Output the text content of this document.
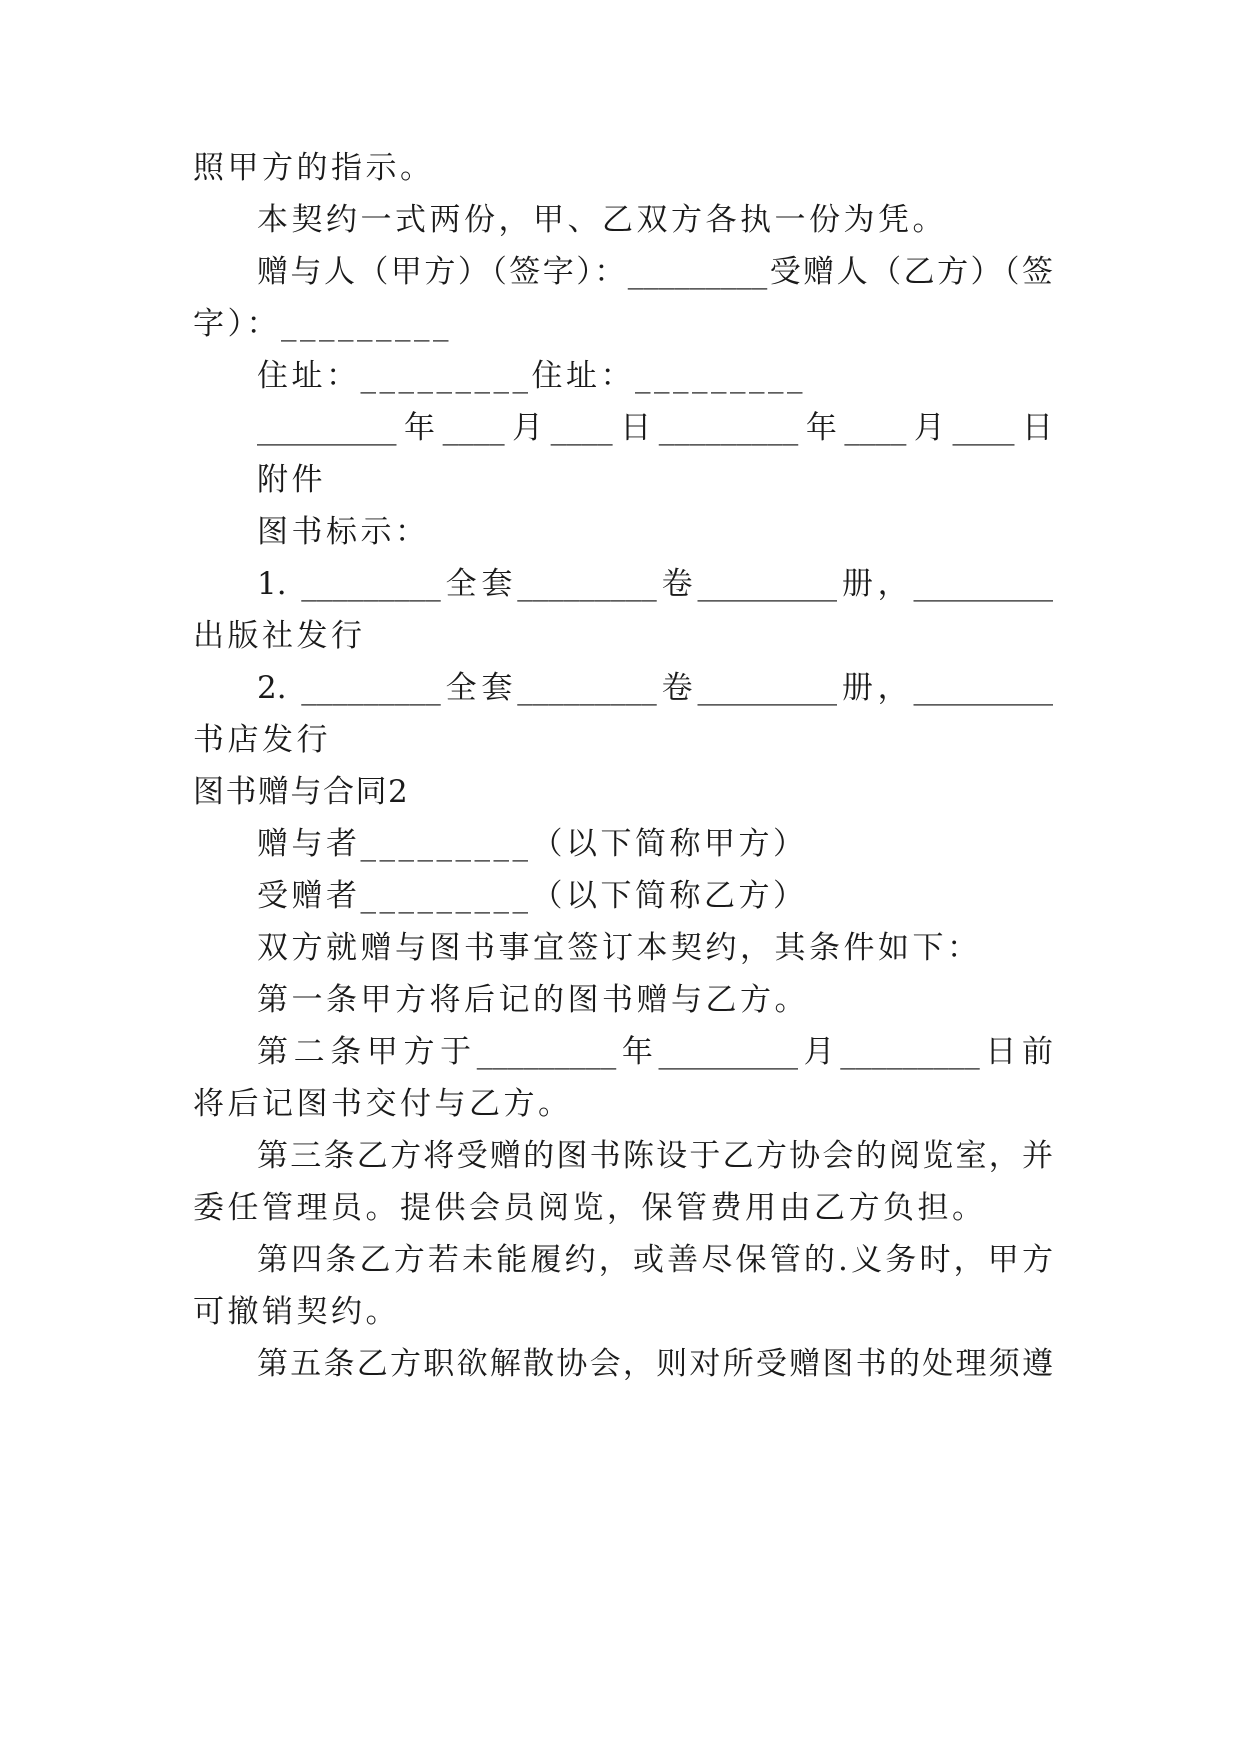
照甲方的指示。
本契约一式两份，甲、乙双方各执一份为凭。
赠与人（甲方）（签字）：_________受赠人（乙方）（签
字）：_________
住址：_________住址：_________
_________年____月____日_________年____月____日
附件
图书标示：
1. _________全套_________卷_________册，_________
出版社发行
2. _________全套_________卷_________册，_________
书店发行
图书赠与合同2
赠与者_________（以下简称甲方）
受赠者_________（以下简称乙方）
双方就赠与图书事宜签订本契约，其条件如下：
第一条甲方将后记的图书赠与乙方。
第二条甲方于_________年_________月_________日前
将后记图书交付与乙方。
第三条乙方将受赠的图书陈设于乙方协会的阅览室，并
委任管理员。提供会员阅览，保管费用由乙方负担。
第四条乙方若未能履约，或善尽保管的.义务时，甲方
可撤销契约。
第五条乙方职欲解散协会，则对所受赠图书的处理须遵
